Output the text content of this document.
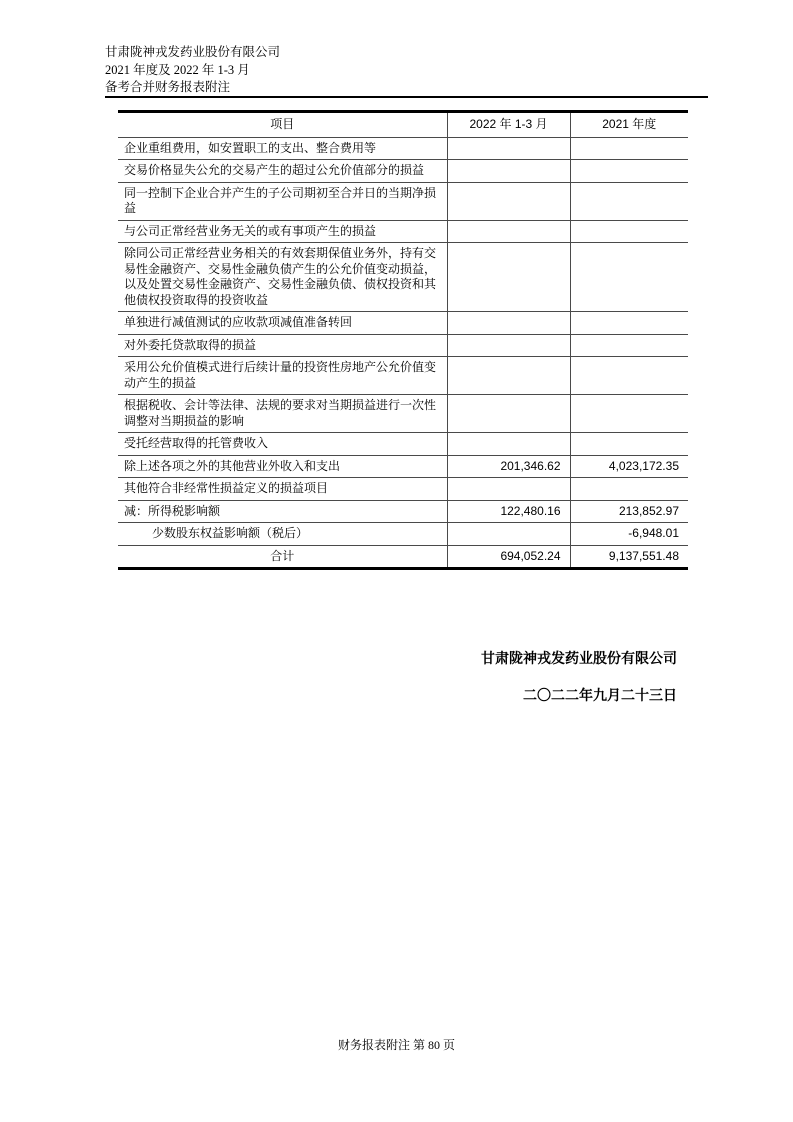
甘肃陇神戎发药业股份有限公司
2021 年度及 2022 年 1-3 月
备考合并财务报表附注
项目	2022 年 1-3 月	2021 年度
企业重组费用，如安置职工的支出、整合费用等		
交易价格显失公允的交易产生的超过公允价值部分的损益		
同一控制下企业合并产生的子公司期初至合并日的当期净损益		
与公司正常经营业务无关的或有事项产生的损益		
除同公司正常经营业务相关的有效套期保值业务外，持有交易性金融资产、交易性金融负债产生的公允价值变动损益，以及处置交易性金融资产、交易性金融负债、债权投资和其他债权投资取得的投资收益		
单独进行减值测试的应收款项减值准备转回		
对外委托贷款取得的损益		
采用公允价值模式进行后续计量的投资性房地产公允价值变动产生的损益		
根据税收、会计等法律、法规的要求对当期损益进行一次性调整对当期损益的影响		
受托经营取得的托管费收入		
除上述各项之外的其他营业外收入和支出	201,346.62	4,023,172.35
其他符合非经常性损益定义的损益项目		
减：所得税影响额	122,480.16	213,852.97
少数股东权益影响额（税后）		-6,948.01
合计	694,052.24	9,137,551.48
甘肃陇神戎发药业股份有限公司
二〇二二年九月二十三日
财务报表附注 第 80 页
